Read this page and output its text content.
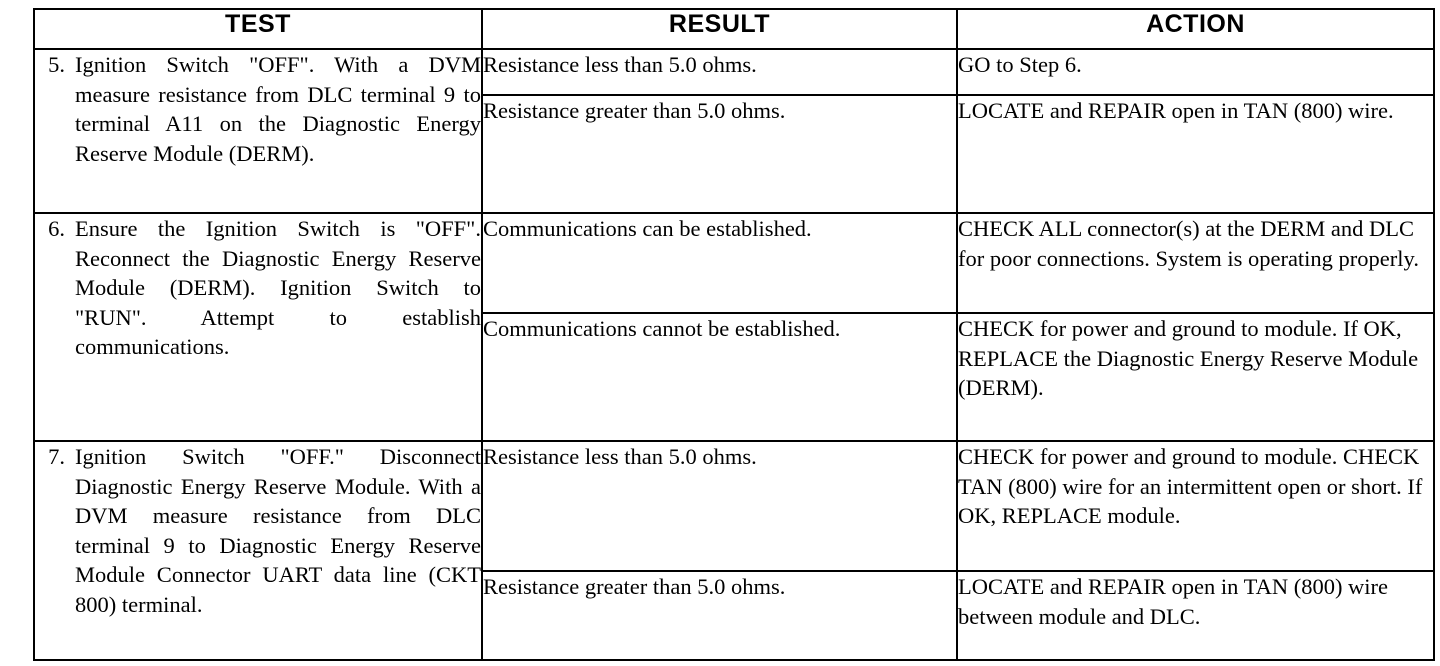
TEST	RESULT	ACTION

5. Ignition Switch "OFF". With a DVM measure resistance from DLC terminal 9 to terminal A11 on the Diagnostic Energy Reserve Module (DERM).	Resistance less than 5.0 ohms.	GO to Step 6.
	Resistance greater than 5.0 ohms.	LOCATE and REPAIR open in TAN (800) wire.

6. Ensure the Ignition Switch is "OFF". Reconnect the Diagnostic Energy Reserve Module (DERM). Ignition Switch to "RUN". Attempt to establish communications.	Communications can be established.	CHECK ALL connector(s) at the DERM and DLC for poor connections. System is operating properly.
	Communications cannot be established.	CHECK for power and ground to module. If OK, REPLACE the Diagnostic Energy Reserve Module (DERM).

7. Ignition Switch "OFF." Disconnect Diagnostic Energy Reserve Module. With a DVM measure resistance from DLC terminal 9 to Diagnostic Energy Reserve Module Connector UART data line (CKT 800) terminal.	Resistance less than 5.0 ohms.	CHECK for power and ground to module. CHECK TAN (800) wire for an intermittent open or short. If OK, REPLACE module.
	Resistance greater than 5.0 ohms.	LOCATE and REPAIR open in TAN (800) wire between module and DLC.
